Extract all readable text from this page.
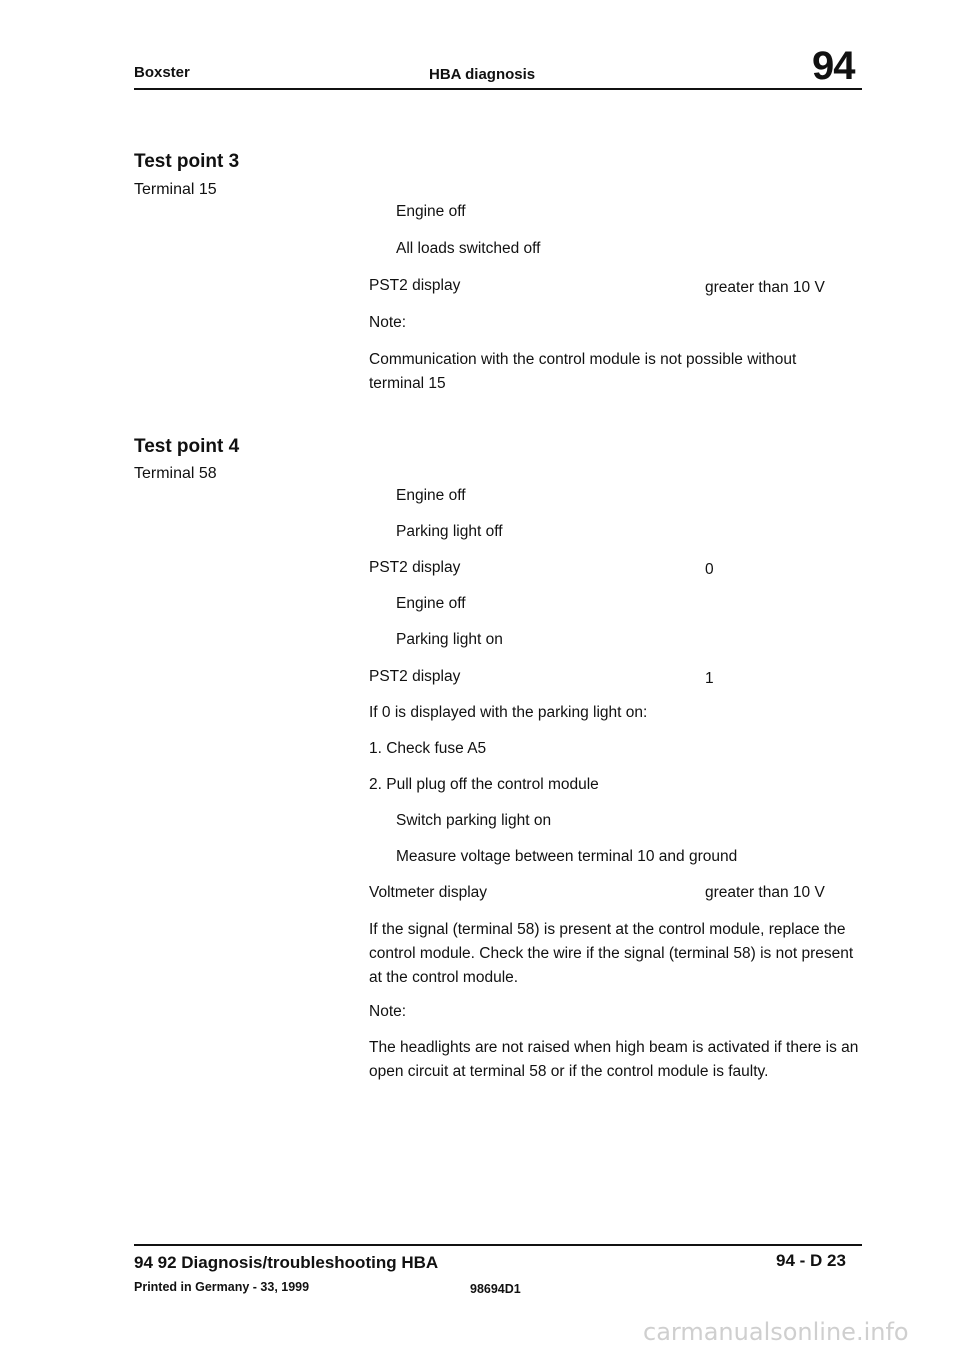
Boxster	HBA diagnosis	94
Test point 3
Terminal 15
Engine off
All loads switched off
PST2 display	greater than 10 V
Note:
Communication with the control module is not possible without terminal 15
Test point 4
Terminal 58
Engine off
Parking light off
PST2 display	0
Engine off
Parking light on
PST2 display	1
If 0 is displayed with the parking light on:
1. Check fuse A5
2. Pull plug off the control module
Switch parking light on
Measure voltage between terminal 10 and ground
Voltmeter display	greater than 10 V
If the signal (terminal 58) is present at the control module, replace the control module. Check the wire if the signal (terminal 58) is not present at the control module.
Note:
The headlights are not raised when high beam is activated if there is an open circuit at terminal 58 or if the control module is faulty.
94 92 Diagnosis/troubleshooting HBA	94 - D 23
Printed in Germany - 33, 1999	98694D1
carmanualsonline.info
